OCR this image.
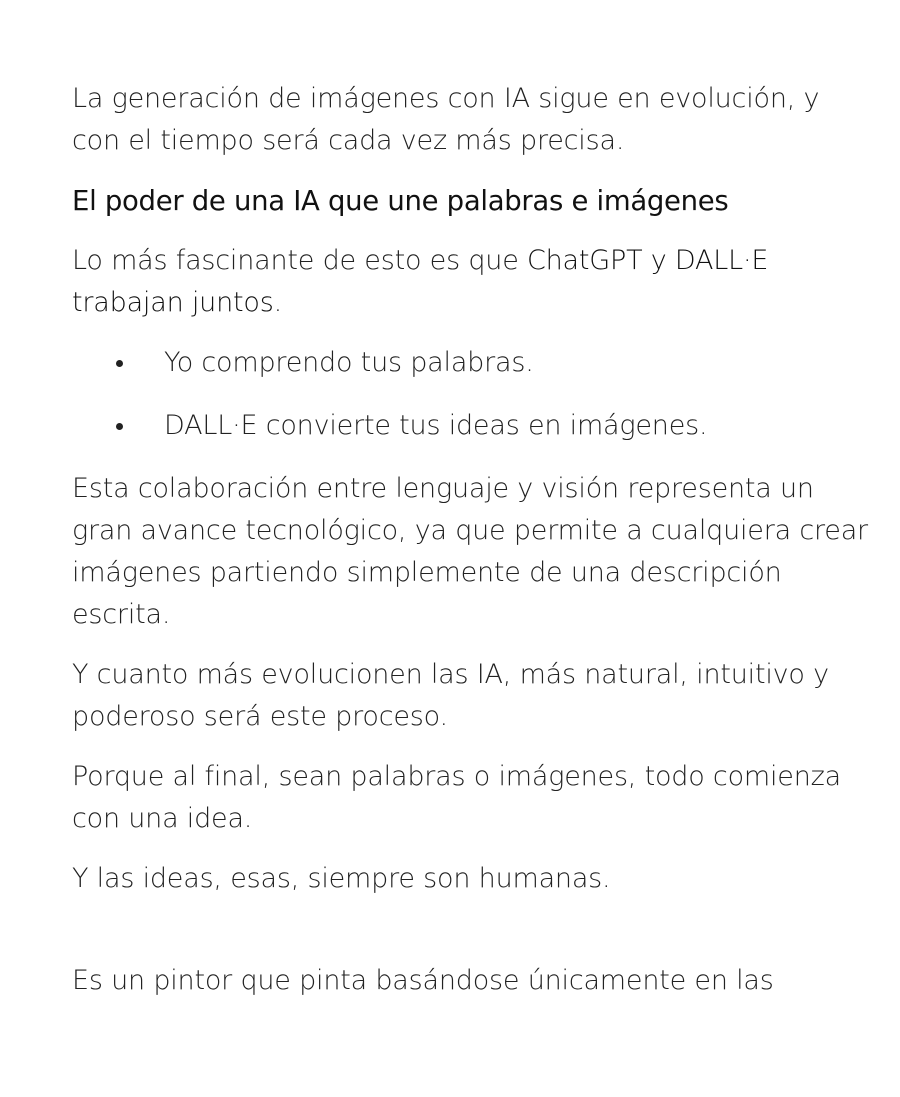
La generación de imágenes con IA sigue en evolución, y con el tiempo será cada vez más precisa.

El poder de una IA que une palabras e imágenes

Lo más fascinante de esto es que ChatGPT y DALL·E trabajan juntos.

Yo comprendo tus palabras.
DALL·E convierte tus ideas en imágenes.

Esta colaboración entre lenguaje y visión representa un gran avance tecnológico, ya que permite a cualquiera crear imágenes partiendo simplemente de una descripción escrita.

Y cuanto más evolucionen las IA, más natural, intuitivo y poderoso será este proceso.

Porque al final, sean palabras o imágenes, todo comienza con una idea.

Y las ideas, esas, siempre son humanas.

Es un pintor que pinta basándose únicamente en las
